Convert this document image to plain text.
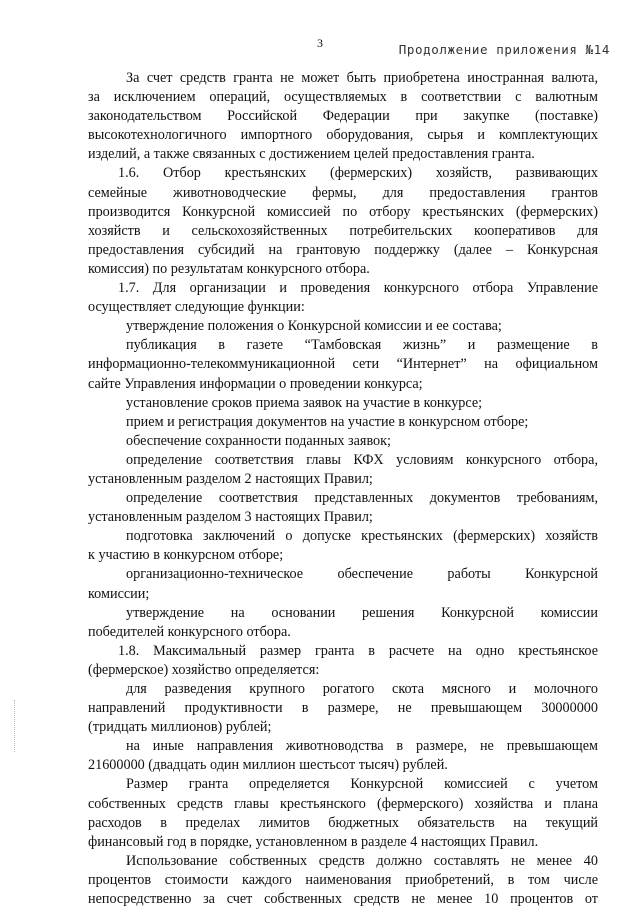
3	Продолжение приложения №14
За счет средств гранта не может быть приобретена иностранная валюта,
за исключением операций, осуществляемых в соответствии с валютным
законодательством Российской Федерации при закупке (поставке)
высокотехнологичного импортного оборудования, сырья и комплектующих
изделий, а также связанных с достижением целей предоставления гранта.
1.6. Отбор крестьянских (фермерских) хозяйств, развивающих
семейные животноводческие фермы, для предоставления грантов
производится Конкурсной комиссией по отбору крестьянских (фермерских)
хозяйств и сельскохозяйственных потребительских кооперативов для
предоставления субсидий на грантовую поддержку (далее – Конкурсная
комиссия) по результатам конкурсного отбора.
1.7. Для организации и проведения конкурсного отбора Управление
осуществляет следующие функции:
утверждение положения о Конкурсной комиссии и ее состава;
публикация в газете “Тамбовская жизнь” и размещение в
информационно-телекоммуникационной сети “Интернет” на официальном
сайте Управления информации о проведении конкурса;
установление сроков приема заявок на участие в конкурсе;
прием и регистрация документов на участие в конкурсном отборе;
обеспечение сохранности поданных заявок;
определение соответствия главы КФХ условиям конкурсного отбора,
установленным разделом 2 настоящих Правил;
определение соответствия представленных документов требованиям,
установленным разделом 3 настоящих Правил;
подготовка заключений о допуске крестьянских (фермерских) хозяйств
к участию в конкурсном отборе;
организационно-техническое обеспечение работы Конкурсной
комиссии;
утверждение на основании решения Конкурсной комиссии
победителей конкурсного отбора.
1.8. Максимальный размер гранта в расчете на одно крестьянское
(фермерское) хозяйство определяется:
для разведения крупного рогатого скота мясного и молочного
направлений продуктивности в размере, не превышающем 30000000
(тридцать миллионов) рублей;
на иные направления животноводства в размере, не превышающем
21600000 (двадцать один миллион шестьсот тысяч) рублей.
Размер гранта определяется Конкурсной комиссией с учетом
собственных средств главы крестьянского (фермерского) хозяйства и плана
расходов в пределах лимитов бюджетных обязательств на текущий
финансовый год в порядке, установленном в разделе 4 настоящих Правил.
Использование собственных средств должно составлять не менее 40
процентов стоимости каждого наименования приобретений, в том числе
непосредственно за счет собственных средств не менее 10 процентов от
